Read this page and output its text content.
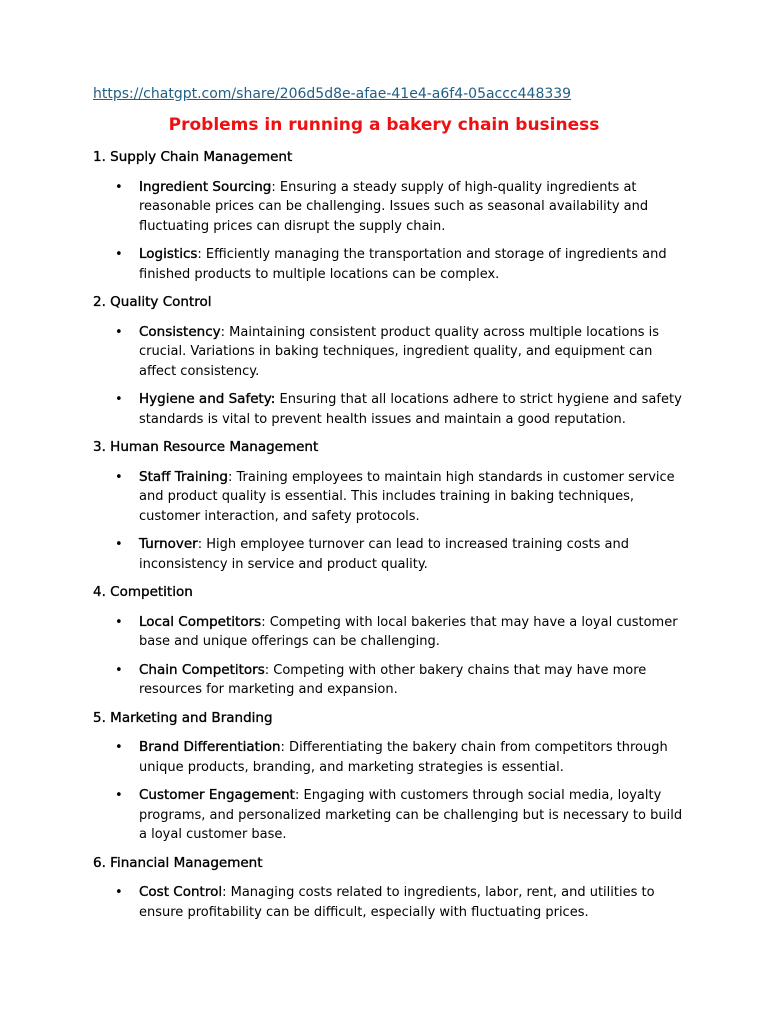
https://chatgpt.com/share/206d5d8e-afae-41e4-a6f4-05accc448339
Problems in running a bakery chain business
1. Supply Chain Management
• Ingredient Sourcing: Ensuring a steady supply of high-quality ingredients at reasonable prices can be challenging. Issues such as seasonal availability and fluctuating prices can disrupt the supply chain.
• Logistics: Efficiently managing the transportation and storage of ingredients and finished products to multiple locations can be complex.
2. Quality Control
• Consistency: Maintaining consistent product quality across multiple locations is crucial. Variations in baking techniques, ingredient quality, and equipment can affect consistency.
• Hygiene and Safety: Ensuring that all locations adhere to strict hygiene and safety standards is vital to prevent health issues and maintain a good reputation.
3. Human Resource Management
• Staff Training: Training employees to maintain high standards in customer service and product quality is essential. This includes training in baking techniques, customer interaction, and safety protocols.
• Turnover: High employee turnover can lead to increased training costs and inconsistency in service and product quality.
4. Competition
• Local Competitors: Competing with local bakeries that may have a loyal customer base and unique offerings can be challenging.
• Chain Competitors: Competing with other bakery chains that may have more resources for marketing and expansion.
5. Marketing and Branding
• Brand Differentiation: Differentiating the bakery chain from competitors through unique products, branding, and marketing strategies is essential.
• Customer Engagement: Engaging with customers through social media, loyalty programs, and personalized marketing can be challenging but is necessary to build a loyal customer base.
6. Financial Management
• Cost Control: Managing costs related to ingredients, labor, rent, and utilities to ensure profitability can be difficult, especially with fluctuating prices.
